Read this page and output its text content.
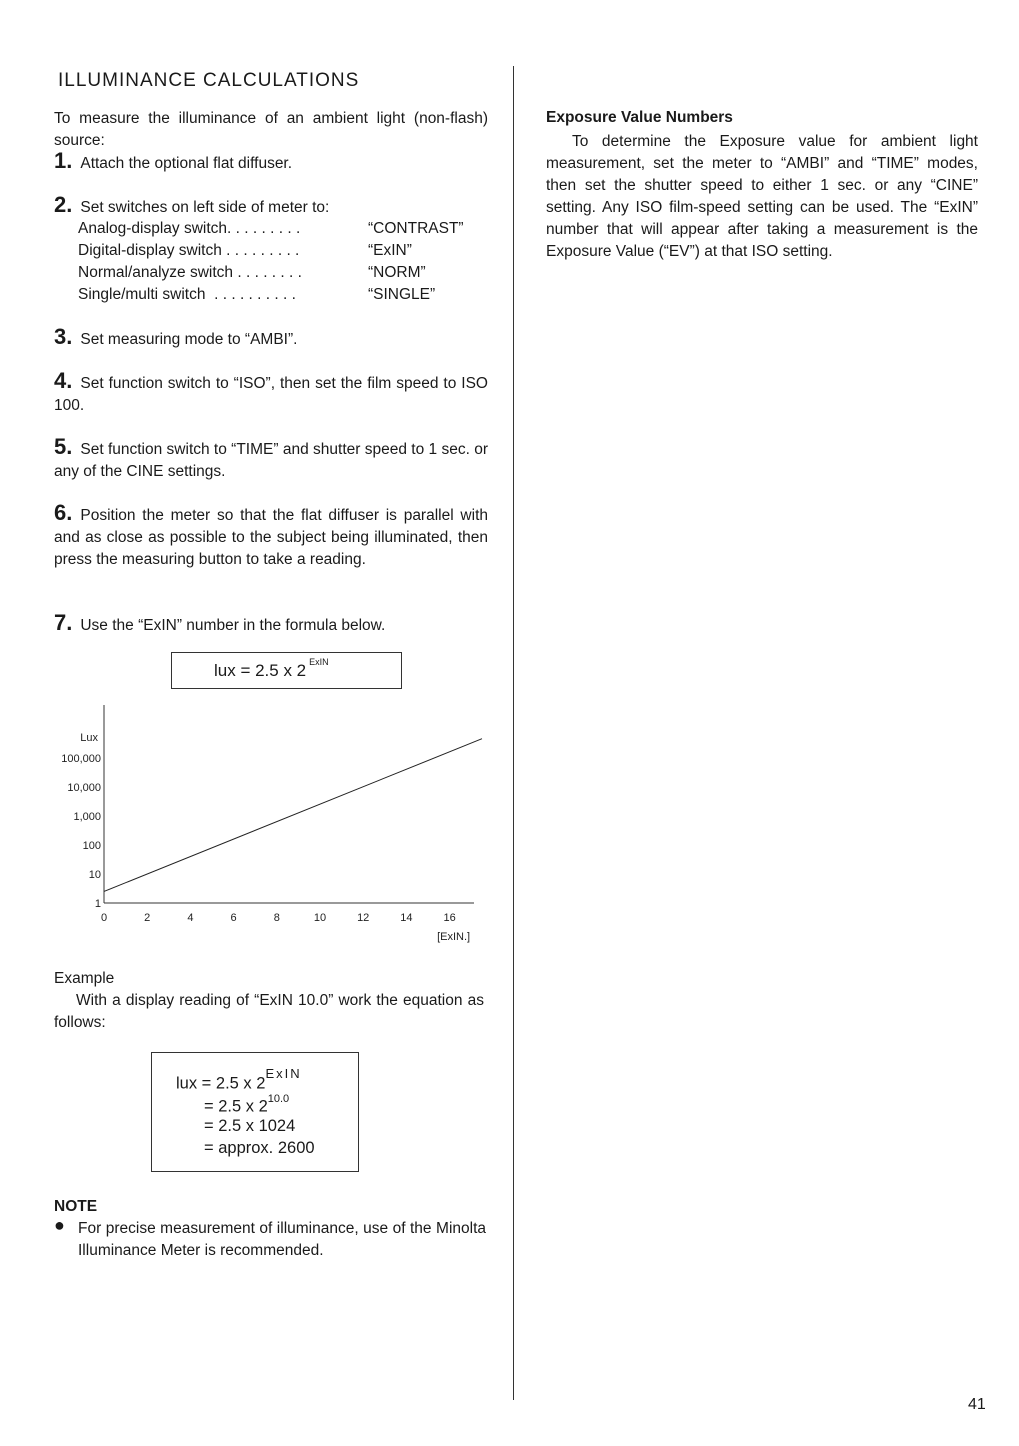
ILLUMINANCE CALCULATIONS
To measure the illuminance of an ambient light (non-flash) source:
1. Attach the optional flat diffuser.
2. Set switches on left side of meter to:
Analog-display switch. . . . . . . . .	“CONTRAST”
Digital-display switch . . . . . . . . .	“ExIN”
Normal/analyze switch . . . . . . . .	“NORM”
Single/multi switch  . . . . . . . . . .	“SINGLE”
3. Set measuring mode to “AMBI”.
4. Set function switch to “ISO”, then set the film speed to ISO 100.
5. Set function switch to “TIME” and shutter speed to 1 sec. or any of the CINE settings.
6. Position the meter so that the flat diffuser is parallel with and as close as possible to the subject being illuminated, then press the measuring button to take a reading.
7. Use the “ExIN” number in the formula below.
lux = 2.5 x 2 $^{ExIN}$
Lux
1
10
100
1,000
10,000
100,000
0	2	4	6	8	10	12	14	16
[ExIN.]
Example
With a display reading of “ExIN 10.0” work the equation as follows:
lux = 2.5 x $2^{ExIN}$
= 2.5 x $2^{10.0}$
= 2.5 x 1024
= approx. 2600
NOTE
● For precise measurement of illuminance, use of the Minolta Illuminance Meter is recommended.
Exposure Value Numbers
To determine the Exposure value for ambient light measurement, set the meter to “AMBI” and “TIME” modes, then set the shutter speed to either 1 sec. or any “CINE” setting. Any ISO film-speed setting can be used. The “ExIN” number that will appear after taking a measurement is the Exposure Value (“EV”) at that ISO setting.
41
